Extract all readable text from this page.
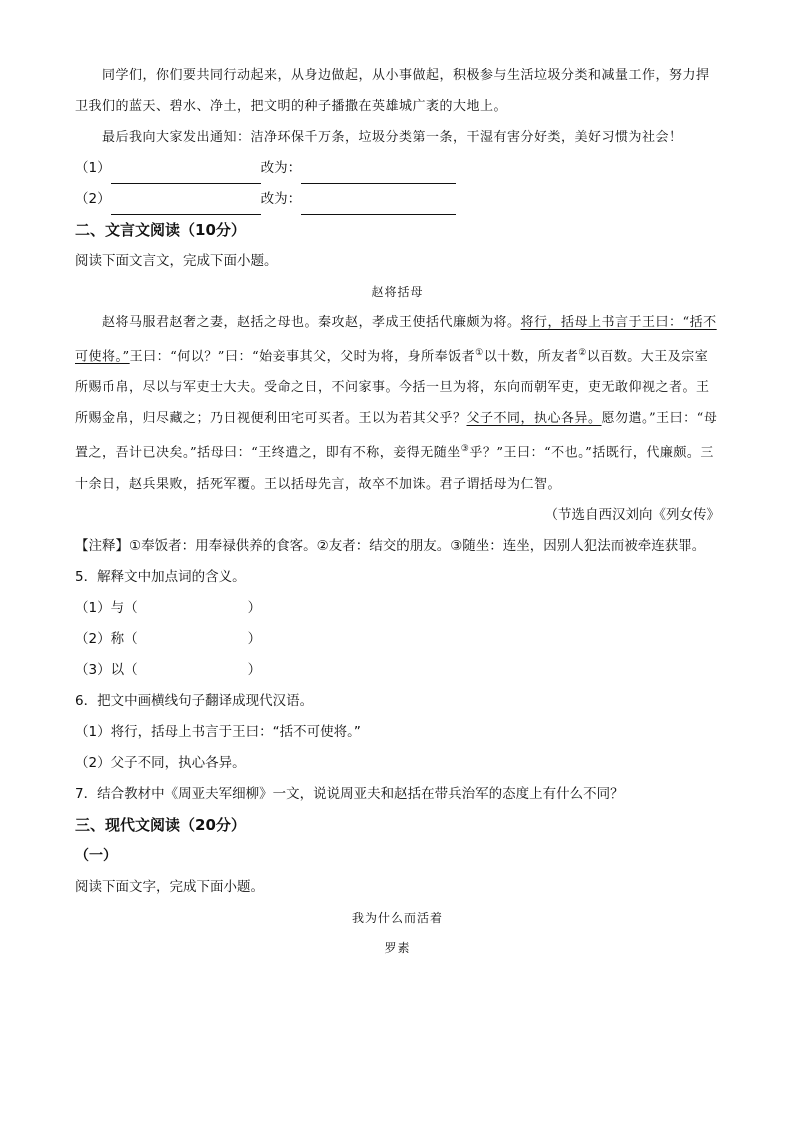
同学们，你们要共同行动起来，从身边做起，从小事做起，积极参与生活垃圾分类和减量工作，努力捍卫我们的蓝天、碧水、净土，把文明的种子播撒在英雄城广袤的大地上。

最后我向大家发出通知：洁净环保千万条，垃圾分类第一条，干湿有害分好类，美好习惯为社会！

（1）	改为：

（2）	改为：

二、文言文阅读（10分）

阅读下面文言文，完成下面小题。

赵将括母

赵将马服君赵奢之妻，赵括之母也。秦攻赵，孝成王使括代廉颇为将。将行，括母上书言于王曰：“括不可使将。”王曰：“何以？”曰：“始妾事其父，父时为将，身所奉饭者①以十数，所友者②以百数。大王及宗室所赐币帛，尽以与军吏士大夫。受命之日，不问家事。今括一旦为将，东向而朝军吏，吏无敢仰视之者。王所赐金帛，归尽藏之；乃日视便利田宅可买者。王以为若其父乎？父子不同，执心各异。愿勿遣。”王曰：“母置之，吾计已决矣。”括母曰：“王终遣之，即有不称，妾得无随坐③乎？”王曰：“不也。”括既行，代廉颇。三十余日，赵兵果败，括死军覆。王以括母先言，故卒不加诛。君子谓括母为仁智。

（节选自西汉刘向《列女传》

【注释】①奉饭者：用奉禄供养的食客。②友者：结交的朋友。③随坐：连坐，因别人犯法而被牵连获罪。

5．解释文中加点词的含义。

（1）与（	）

（2）称（	）

（3）以（	）

6．把文中画横线句子翻译成现代汉语。

（1）将行，括母上书言于王曰：“括不可使将。”

（2）父子不同，执心各异。

7．结合教材中《周亚夫军细柳》一文，说说周亚夫和赵括在带兵治军的态度上有什么不同？

三、现代文阅读（20分）

（一）

阅读下面文字，完成下面小题。

我为什么而活着

罗素
